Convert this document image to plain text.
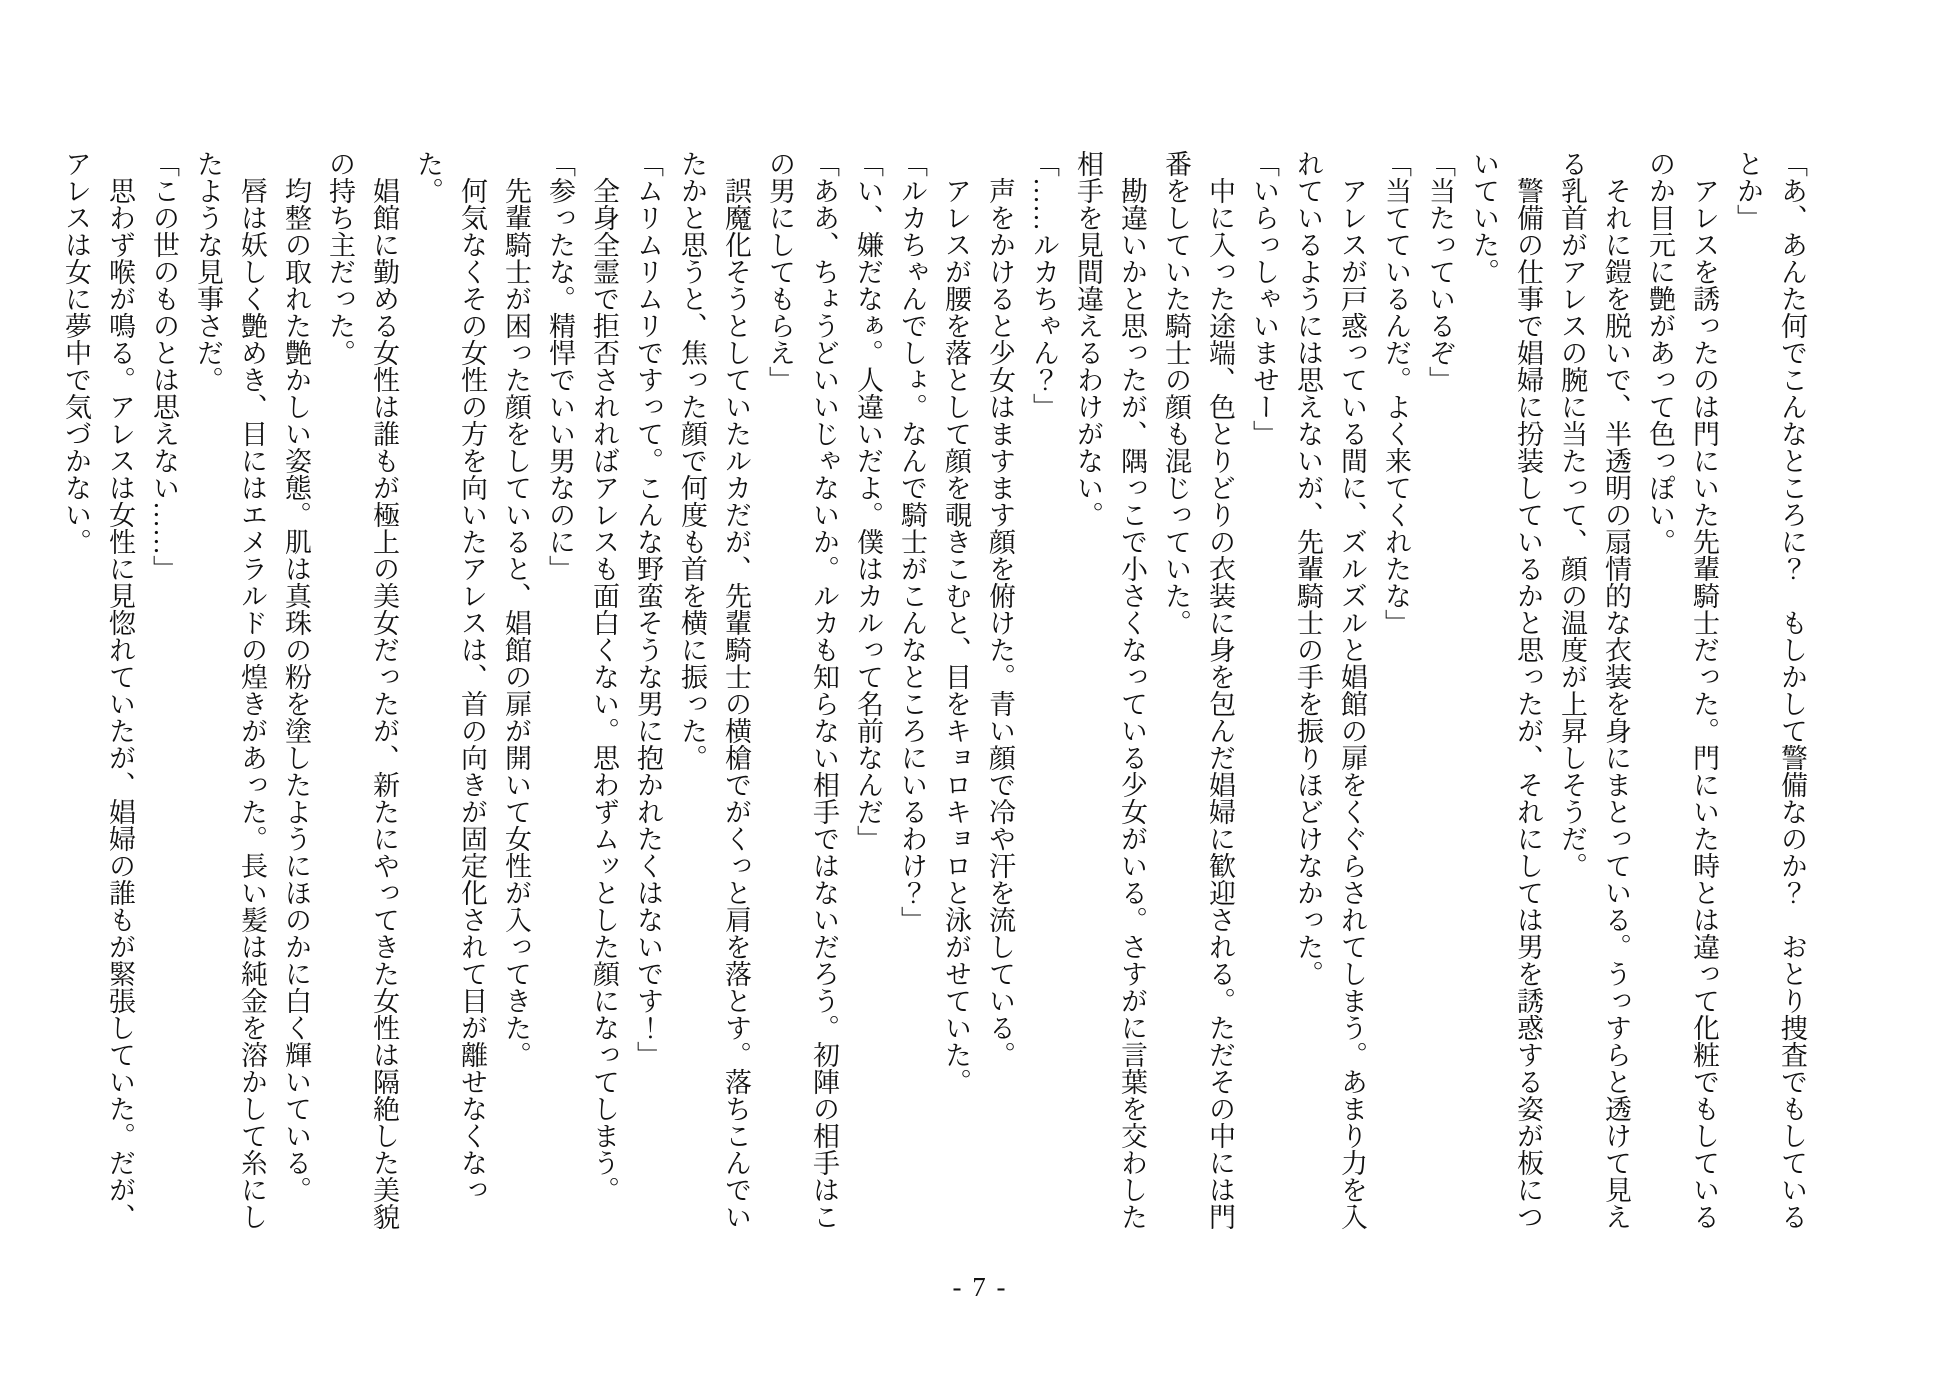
「あ、あんた何でこんなところに？　もしかして警備なのか？　おとり捜査でもしているとか」

アレスを誘ったのは門にいた先輩騎士だった。門にいた時とは違って化粧でもしているのか目元に艶があって色っぽい。

それに鎧を脱いで、半透明の扇情的な衣装を身にまとっている。うっすらと透けて見える乳首がアレスの腕に当たって、顔の温度が上昇しそうだ。

警備の仕事で娼婦に扮装しているかと思ったが、それにしては男を誘惑する姿が板についていた。

「当たっているぞ」

「当てているんだ。よく来てくれたな」

アレスが戸惑っている間に、ズルズルと娼館の扉をくぐらされてしまう。あまり力を入れているようには思えないが、先輩騎士の手を振りほどけなかった。

「いらっしゃいませー」

中に入った途端、色とりどりの衣装に身を包んだ娼婦に歓迎される。ただその中には門番をしていた騎士の顔も混じっていた。

勘違いかと思ったが、隅っこで小さくなっている少女がいる。さすがに言葉を交わした相手を見間違えるわけがない。

「……ルカちゃん？」

声をかけると少女はますます顔を俯けた。青い顔で冷や汗を流している。

アレスが腰を落として顔を覗きこむと、目をキョロキョロと泳がせていた。

「ルカちゃんでしょ。なんで騎士がこんなところにいるわけ？」

「い、嫌だなぁ。人違いだよ。僕はカルって名前なんだ」

「ああ、ちょうどいいじゃないか。ルカも知らない相手ではないだろう。初陣の相手はこの男にしてもらえ」

誤魔化そうとしていたルカだが、先輩騎士の横槍でがくっと肩を落とす。落ちこんでいたかと思うと、焦った顔で何度も首を横に振った。

「ムリムリムリですって。こんな野蛮そうな男に抱かれたくはないです！」

全身全霊で拒否されればアレスも面白くない。思わずムッとした顔になってしまう。

「参ったな。精悍でいい男なのに」

先輩騎士が困った顔をしていると、娼館の扉が開いて女性が入ってきた。

何気なくその女性の方を向いたアレスは、首の向きが固定化されて目が離せなくなった。

娼館に勤める女性は誰もが極上の美女だったが、新たにやってきた女性は隔絶した美貌の持ち主だった。

均整の取れた艶かしい姿態。肌は真珠の粉を塗したようにほのかに白く輝いている。

唇は妖しく艶めき、目にはエメラルドの煌きがあった。長い髪は純金を溶かして糸にしたような見事さだ。

「この世のものとは思えない……」

思わず喉が鳴る。アレスは女性に見惚れていたが、娼婦の誰もが緊張していた。だが、アレスは女に夢中で気づかない。

- 7 -
